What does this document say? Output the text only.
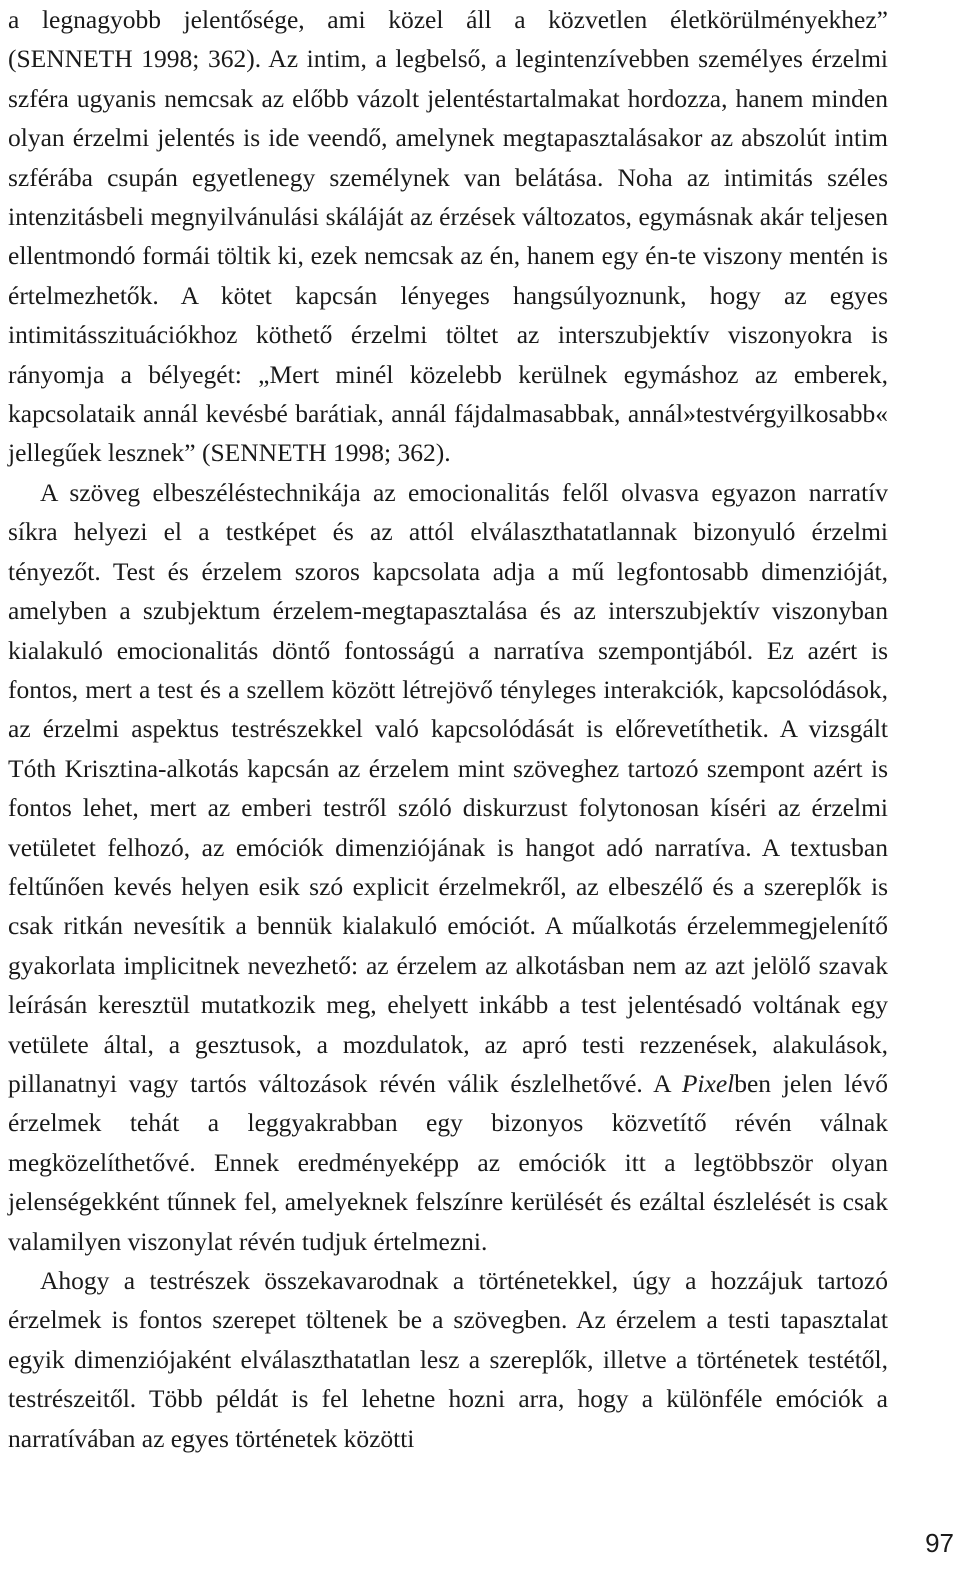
a legnagyobb jelentősége, ami közel áll a közvetlen életkörülményekhez” (SENNETH 1998; 362). Az intim, a legbelső, a legintenzívebben személyes érzelmi szféra ugyanis nemcsak az előbb vázolt jelentéstartalmakat hordozza, hanem minden olyan érzelmi jelentés is ide veendő, amelynek megtapasztalásakor az abszolút intim szférába csupán egyetlenegy személynek van belátása. Noha az intimitás széles intenzitásbeli megnyilvánulási skáláját az érzések változatos, egymásnak akár teljesen ellentmondó formái töltik ki, ezek nemcsak az én, hanem egy én-te viszony mentén is értelmezhetők. A kötet kapcsán lényeges hangsúlyoznunk, hogy az egyes intimitásszituációkhoz köthető érzelmi töltet az interszubjektív viszonyokra is rányomja a bélyegét: „Mert minél közelebb kerülnek egymáshoz az emberek, kapcsolataik annál kevésbé barátiak, annál fájdalmasabbak, annál»testvérgyilkosabb« jellegűek lesznek” (SENNETH 1998; 362).

A szöveg elbeszéléstechnikája az emocionalitás felől olvasva egyazon narratív síkra helyezi el a testképet és az attól elválaszthatatlannak bizonyuló érzelmi tényezőt. Test és érzelem szoros kapcsolata adja a mű legfontosabb dimenzióját, amelyben a szubjektum érzelem-megtapasztalása és az interszubjektív viszonyban kialakuló emocionalitás döntő fontosságú a narratíva szempontjából. Ez azért is fontos, mert a test és a szellem között létrejövő tényleges interakciók, kapcsolódások, az érzelmi aspektus testrészekkel való kapcsolódását is előrevetíthetik. A vizsgált Tóth Krisztina-alkotás kapcsán az érzelem mint szöveghez tartozó szempont azért is fontos lehet, mert az emberi testről szóló diskurzust folytonosan kíséri az érzelmi vetületet felhozó, az emóciók dimenziójának is hangot adó narratíva. A textusban feltűnően kevés helyen esik szó explicit érzelmekről, az elbeszélő és a szereplők is csak ritkán nevesítik a bennük kialakuló emóciót. A műalkotás érzelemmegjelenítő gyakorlata implicitnek nevezhető: az érzelem az alkotásban nem az azt jelölő szavak leírásán keresztül mutatkozik meg, ehelyett inkább a test jelentésadó voltának egy vetülete által, a gesztusok, a mozdulatok, az apró testi rezzenések, alakulások, pillanatnyi vagy tartós változások révén válik észlelhetővé. A Pixelben jelen lévő érzelmek tehát a leggyakrabban egy bizonyos közvetítő révén válnak megközelíthetővé. Ennek eredményeképp az emóciók itt a legtöbbször olyan jelenségekként tűnnek fel, amelyeknek felszínre kerülését és ezáltal észlelését is csak valamilyen viszonylat révén tudjuk értelmezni.

Ahogy a testrészek összekavarodnak a történetekkel, úgy a hozzájuk tartozó érzelmek is fontos szerepet töltenek be a szövegben. Az érzelem a testi tapasztalat egyik dimenziójaként elválaszthatatlan lesz a szereplők, illetve a történetek testétől, testrészeitől. Több példát is fel lehetne hozni arra, hogy a különféle emóciók a narratívában az egyes történetek közötti

97
